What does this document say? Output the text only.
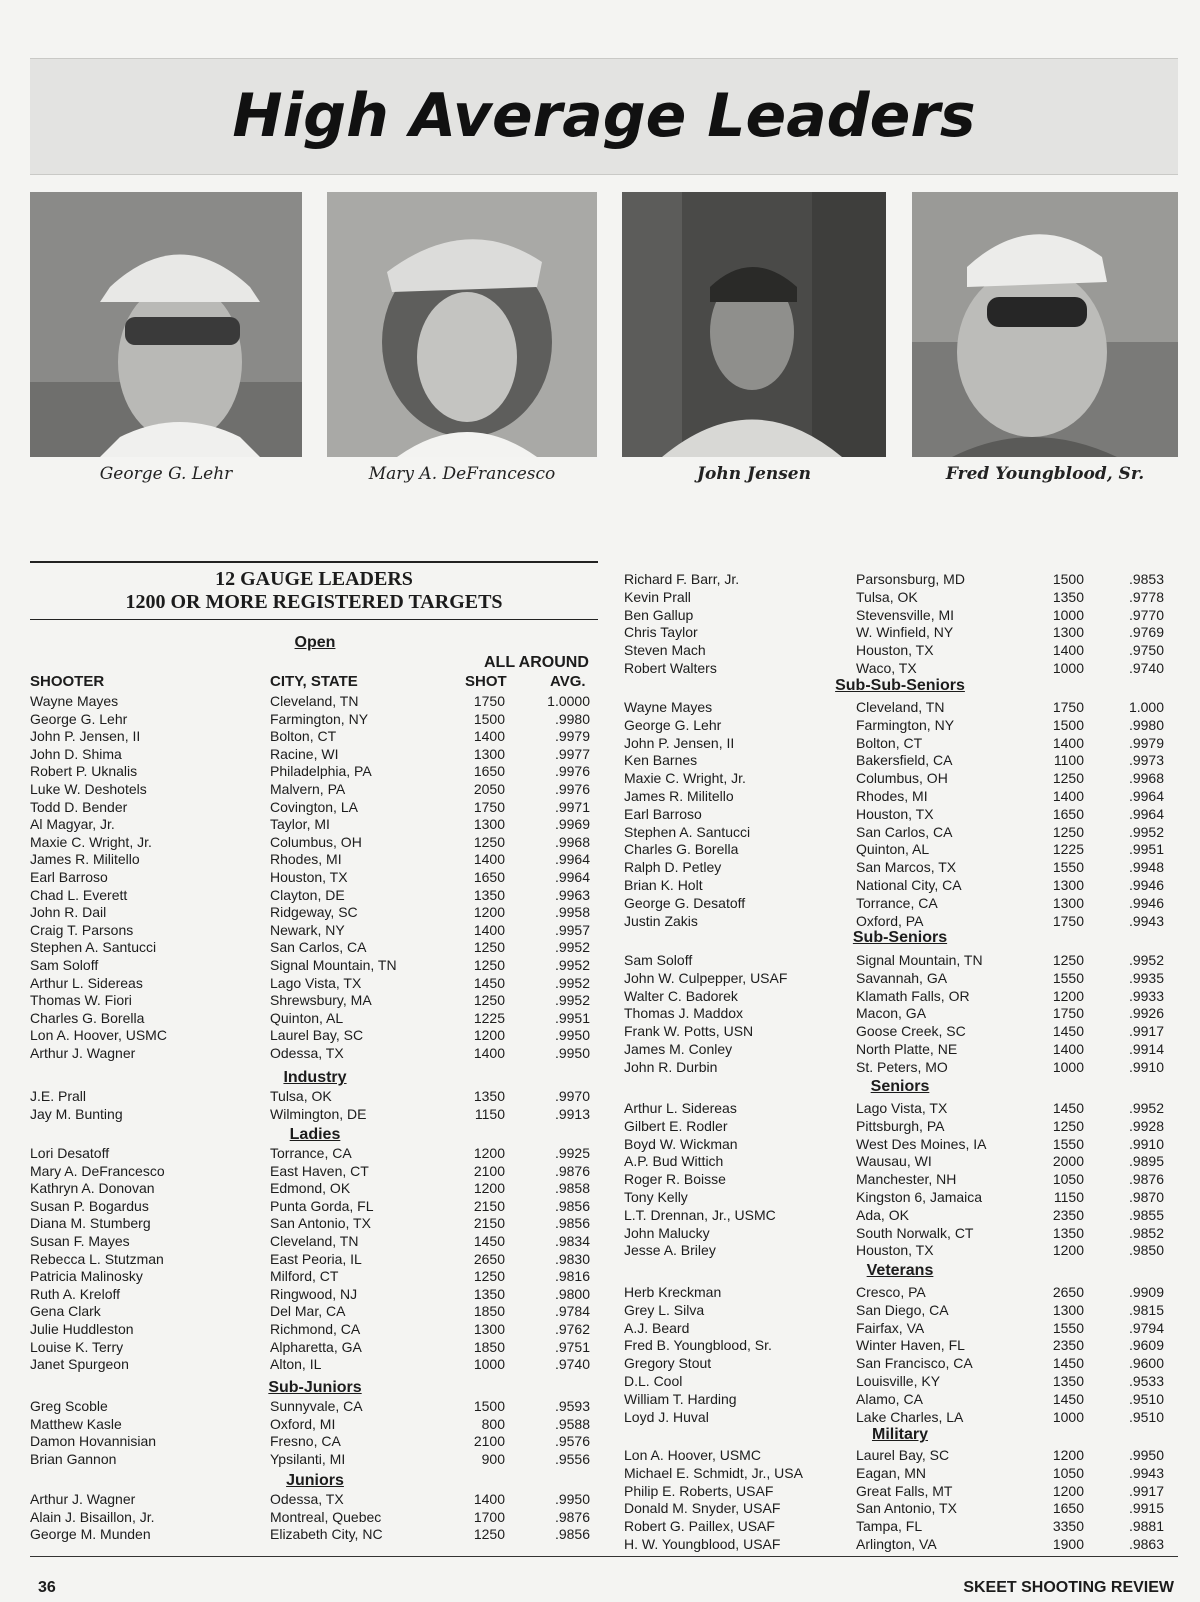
High Average Leaders
George G. Lehr	Mary A. DeFrancesco	John Jensen	Fred Youngblood, Sr.
12 GAUGE LEADERS
1200 OR MORE REGISTERED TARGETS
ALL AROUND
SHOOTER	CITY, STATE	SHOT	AVG.
Open
Wayne Mayes	Cleveland, TN	1750	1.0000
George G. Lehr	Farmington, NY	1500	.9980
John P. Jensen, II	Bolton, CT	1400	.9979
John D. Shima	Racine, WI	1300	.9977
Robert P. Uknalis	Philadelphia, PA	1650	.9976
Luke W. Deshotels	Malvern, PA	2050	.9976
Todd D. Bender	Covington, LA	1750	.9971
Al Magyar, Jr.	Taylor, MI	1300	.9969
Maxie C. Wright, Jr.	Columbus, OH	1250	.9968
James R. Militello	Rhodes, MI	1400	.9964
Earl Barroso	Houston, TX	1650	.9964
Chad L. Everett	Clayton, DE	1350	.9963
John R. Dail	Ridgeway, SC	1200	.9958
Craig T. Parsons	Newark, NY	1400	.9957
Stephen A. Santucci	San Carlos, CA	1250	.9952
Sam Soloff	Signal Mountain, TN	1250	.9952
Arthur L. Sidereas	Lago Vista, TX	1450	.9952
Thomas W. Fiori	Shrewsbury, MA	1250	.9952
Charles G. Borella	Quinton, AL	1225	.9951
Lon A. Hoover, USMC	Laurel Bay, SC	1200	.9950
Arthur J. Wagner	Odessa, TX	1400	.9950
Industry
J.E. Prall	Tulsa, OK	1350	.9970
Jay M. Bunting	Wilmington, DE	1150	.9913
Ladies
Lori Desatoff	Torrance, CA	1200	.9925
Mary A. DeFrancesco	East Haven, CT	2100	.9876
Kathryn A. Donovan	Edmond, OK	1200	.9858
Susan P. Bogardus	Punta Gorda, FL	2150	.9856
Diana M. Stumberg	San Antonio, TX	2150	.9856
Susan F. Mayes	Cleveland, TN	1450	.9834
Rebecca L. Stutzman	East Peoria, IL	2650	.9830
Patricia Malinosky	Milford, CT	1250	.9816
Ruth A. Kreloff	Ringwood, NJ	1350	.9800
Gena Clark	Del Mar, CA	1850	.9784
Julie Huddleston	Richmond, CA	1300	.9762
Louise K. Terry	Alpharetta, GA	1850	.9751
Janet Spurgeon	Alton, IL	1000	.9740
Sub-Juniors
Greg Scoble	Sunnyvale, CA	1500	.9593
Matthew Kasle	Oxford, MI	800	.9588
Damon Hovannisian	Fresno, CA	2100	.9576
Brian Gannon	Ypsilanti, MI	900	.9556
Juniors
Arthur J. Wagner	Odessa, TX	1400	.9950
Alain J. Bisaillon, Jr.	Montreal, Quebec	1700	.9876
George M. Munden	Elizabeth City, NC	1250	.9856
Richard F. Barr, Jr.	Parsonsburg, MD	1500	.9853
Kevin Prall	Tulsa, OK	1350	.9778
Ben Gallup	Stevensville, MI	1000	.9770
Chris Taylor	W. Winfield, NY	1300	.9769
Steven Mach	Houston, TX	1400	.9750
Robert Walters	Waco, TX	1000	.9740
Sub-Sub-Seniors
Wayne Mayes	Cleveland, TN	1750	1.000
George G. Lehr	Farmington, NY	1500	.9980
John P. Jensen, II	Bolton, CT	1400	.9979
Ken Barnes	Bakersfield, CA	1100	.9973
Maxie C. Wright, Jr.	Columbus, OH	1250	.9968
James R. Militello	Rhodes, MI	1400	.9964
Earl Barroso	Houston, TX	1650	.9964
Stephen A. Santucci	San Carlos, CA	1250	.9952
Charles G. Borella	Quinton, AL	1225	.9951
Ralph D. Petley	San Marcos, TX	1550	.9948
Brian K. Holt	National City, CA	1300	.9946
George G. Desatoff	Torrance, CA	1300	.9946
Justin Zakis	Oxford, PA	1750	.9943
Sub-Seniors
Sam Soloff	Signal Mountain, TN	1250	.9952
John W. Culpepper, USAF	Savannah, GA	1550	.9935
Walter C. Badorek	Klamath Falls, OR	1200	.9933
Thomas J. Maddox	Macon, GA	1750	.9926
Frank W. Potts, USN	Goose Creek, SC	1450	.9917
James M. Conley	North Platte, NE	1400	.9914
John R. Durbin	St. Peters, MO	1000	.9910
Seniors
Arthur L. Sidereas	Lago Vista, TX	1450	.9952
Gilbert E. Rodler	Pittsburgh, PA	1250	.9928
Boyd W. Wickman	West Des Moines, IA	1550	.9910
A.P. Bud Wittich	Wausau, WI	2000	.9895
Roger R. Boisse	Manchester, NH	1050	.9876
Tony Kelly	Kingston 6, Jamaica	1150	.9870
L.T. Drennan, Jr., USMC	Ada, OK	2350	.9855
John Malucky	South Norwalk, CT	1350	.9852
Jesse A. Briley	Houston, TX	1200	.9850
Veterans
Herb Kreckman	Cresco, PA	2650	.9909
Grey L. Silva	San Diego, CA	1300	.9815
A.J. Beard	Fairfax, VA	1550	.9794
Fred B. Youngblood, Sr.	Winter Haven, FL	2350	.9609
Gregory Stout	San Francisco, CA	1450	.9600
D.L. Cool	Louisville, KY	1350	.9533
William T. Harding	Alamo, CA	1450	.9510
Loyd J. Huval	Lake Charles, LA	1000	.9510
Military
Lon A. Hoover, USMC	Laurel Bay, SC	1200	.9950
Michael E. Schmidt, Jr., USA	Eagan, MN	1050	.9943
Philip E. Roberts, USAF	Great Falls, MT	1200	.9917
Donald M. Snyder, USAF	San Antonio, TX	1650	.9915
Robert G. Paillex, USAF	Tampa, FL	3350	.9881
H. W. Youngblood, USAF	Arlington, VA	1900	.9863
36	SKEET SHOOTING REVIEW
